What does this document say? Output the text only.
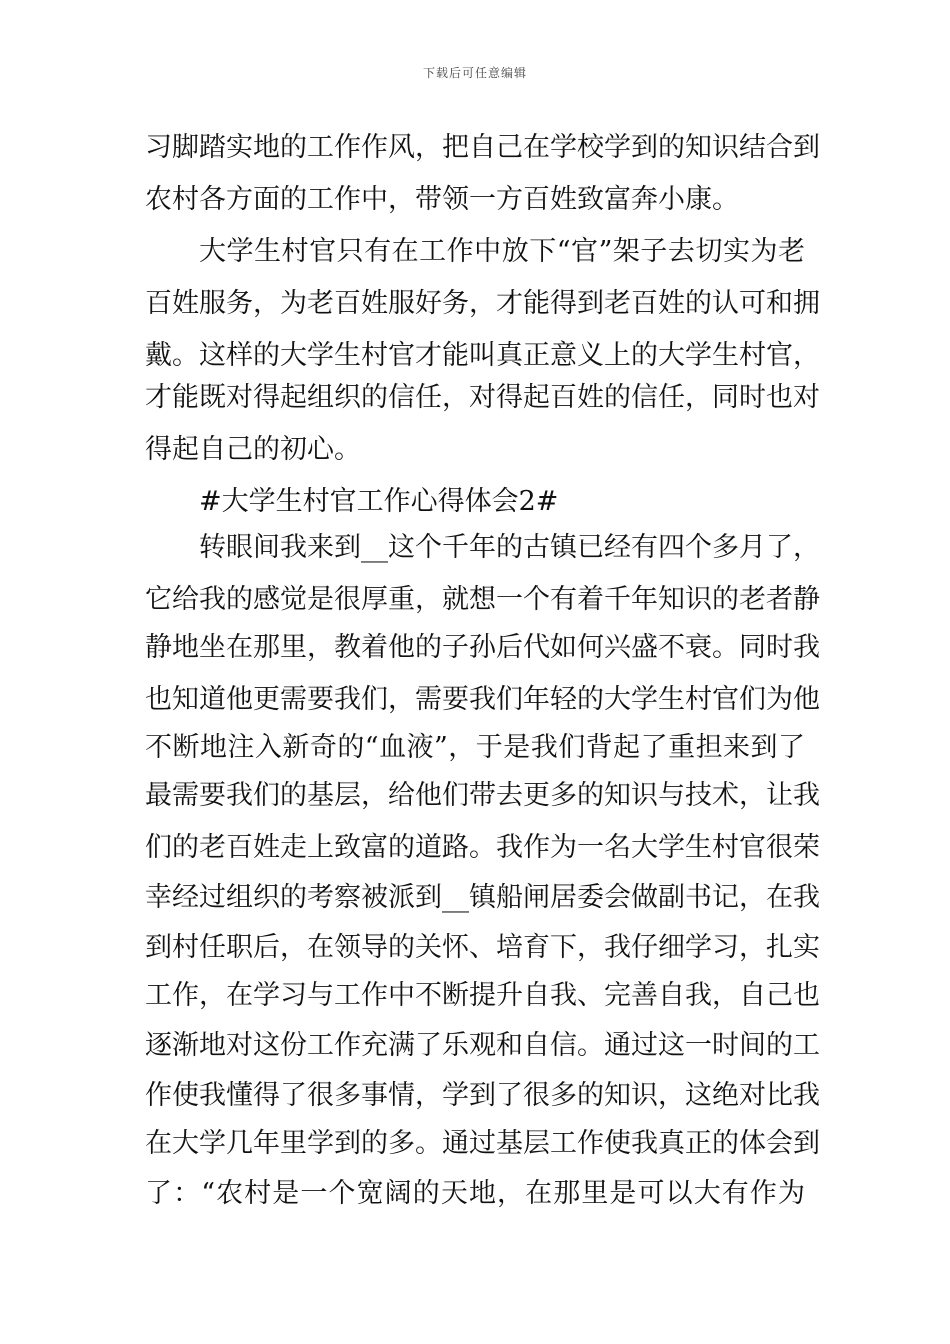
下载后可任意编辑
习脚踏实地的工作作风，把自己在学校学到的知识结合到
农村各方面的工作中，带领一方百姓致富奔小康。
大学生村官只有在工作中放下“官”架子去切实为老
百姓服务，为老百姓服好务，才能得到老百姓的认可和拥
戴。这样的大学生村官才能叫真正意义上的大学生村官，
才能既对得起组织的信任，对得起百姓的信任，同时也对
得起自己的初心。
#大学生村官工作心得体会2#
转眼间我来到__这个千年的古镇已经有四个多月了，
它给我的感觉是很厚重，就想一个有着千年知识的老者静
静地坐在那里，教着他的子孙后代如何兴盛不衰。同时我
也知道他更需要我们，需要我们年轻的大学生村官们为他
不断地注入新奇的“血液”，于是我们背起了重担来到了
最需要我们的基层，给他们带去更多的知识与技术，让我
们的老百姓走上致富的道路。我作为一名大学生村官很荣
幸经过组织的考察被派到__镇船闸居委会做副书记，在我
到村任职后，在领导的关怀、培育下，我仔细学习，扎实
工作，在学习与工作中不断提升自我、完善自我，自己也
逐渐地对这份工作充满了乐观和自信。通过这一时间的工
作使我懂得了很多事情，学到了很多的知识，这绝对比我
在大学几年里学到的多。通过基层工作使我真正的体会到
了：“农村是一个宽阔的天地，在那里是可以大有作为
